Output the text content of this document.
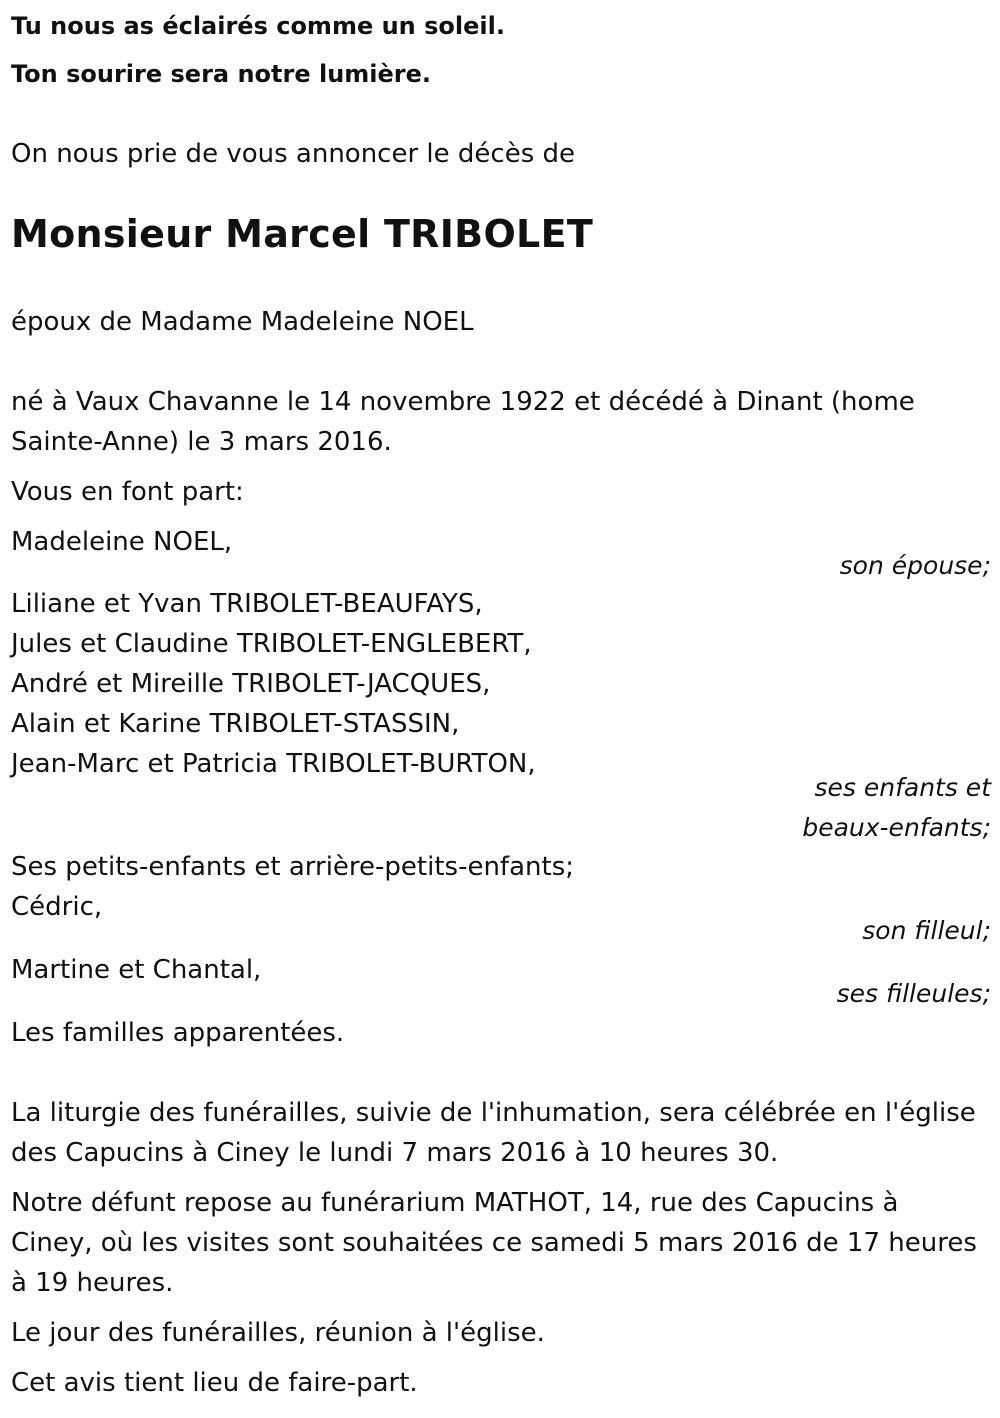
Tu nous as éclairés comme un soleil.
Ton sourire sera notre lumière.
On nous prie de vous annoncer le décès de
Monsieur Marcel TRIBOLET
époux de Madame Madeleine NOEL
né à Vaux Chavanne le 14 novembre 1922 et décédé à Dinant (home
Sainte-Anne) le 3 mars 2016.
Vous en font part:
Madeleine NOEL,
son épouse;
Liliane et Yvan TRIBOLET-BEAUFAYS,
Jules et Claudine TRIBOLET-ENGLEBERT,
André et Mireille TRIBOLET-JACQUES,
Alain et Karine TRIBOLET-STASSIN,
Jean-Marc et Patricia TRIBOLET-BURTON,
ses enfants et
beaux-enfants;
Ses petits-enfants et arrière-petits-enfants;
Cédric,
son filleul;
Martine et Chantal,
ses filleules;
Les familles apparentées.
La liturgie des funérailles, suivie de l'inhumation, sera célébrée en l'église
des Capucins à Ciney le lundi 7 mars 2016 à 10 heures 30.
Notre défunt repose au funérarium MATHOT, 14, rue des Capucins à
Ciney, où les visites sont souhaitées ce samedi 5 mars 2016 de 17 heures
à 19 heures.
Le jour des funérailles, réunion à l'église.
Cet avis tient lieu de faire-part.
